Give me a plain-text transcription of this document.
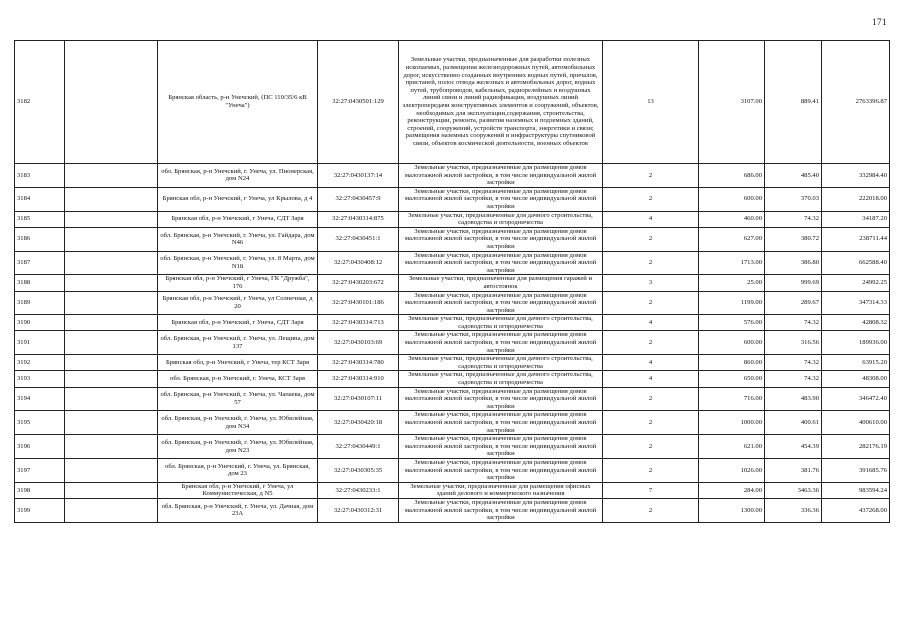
171
3182		Брянская область, р-н Унечский, (ПС 110/35/6 кВ "Унеча")	32:27:0430501:129	Земельные участки, предназначенные для разработки полезных ископаемых, размещения железнодорожных путей, автомобильных дорог, искусственно созданных внутренних водных путей, причалов, пристаней, полос отвода железных и автомобильных дорог, водных путей, трубопроводов, кабельных, радиорелейных и воздушных линий связи и линий радиофикации, воздушных линий электропередачи конструктивных элементов и сооружений, объектов, необходимых для эксплуатации,содержания, строительства, реконструкции, ремонта, развития наземных и подземных зданий, строений, сооружений, устройств транспорта, энергетики и связи; размещения наземных сооружений и инфраструктуры спутниковой связи, объектов космической деятельности, военных объектов	13	3107.00	889.41	2763396.87
3183		обл. Брянская, р-н Унечский, г. Унеча, ул. Пионерская, дом N24	32:27:0430137:14	Земельные участки, предназначенные для размещения домов малоэтажной жилой застройки, в том числе индивидуальной жилой застройки	2	686.00	485.40	332984.40
3184		Брянская обл, р-н Унечский, г Унеча, ул Крылова, д 4	32:27:0430457:9	Земельные участки, предназначенные для размещения домов малоэтажной жилой застройки, в том числе индивидуальной жилой застройки	2	600.00	370.03	222018.00
3185		Брянская обл, р-н Унечский, г Унеча, СДТ Заря	32:27:0430314:875	Земельные участки, предназначенные для дачного строительства, садоводства и огородничества	4	460.00	74.32	34187.20
3186		обл. Брянская, р-н Унечский, г. Унеча, ул. Гайдара, дом N46	32:27:0430451:1	Земельные участки, предназначенные для размещения домов малоэтажной жилой застройки, в том числе индивидуальной жилой застройки	2	627.00	380.72	238711.44
3187		обл. Брянская, р-н Унечский, г. Унеча, ул. 8 Марта, дом N18	32:27:0430408:12	Земельные участки, предназначенные для размещения домов малоэтажной жилой застройки, в том числе индивидуальной жилой застройки	2	1713.00	386.80	662588.40
3188		Брянская обл, р-н Унечский, г Унеча, ГК "Дружба", 176	32:27:0430203:672	Земельные участки, предназначенные для размещения гаражей и автостоянок	3	25.00	999.69	24992.25
3189		Брянская обл, р-н Унечский, г Унеча, ул Солнечная, д 20	32:27:0430101:186	Земельные участки, предназначенные для размещения домов малоэтажной жилой застройки, в том числе индивидуальной жилой застройки	2	1199.00	289.67	347314.33
3190		Брянская обл, р-н Унечский, г Унеча, СДТ Заря	32:27:0430314:713	Земельные участки, предназначенные для дачного строительства, садоводства и огородничества	4	576.00	74.32	42808.32
3191		обл. Брянская, р-н Унечский, г. Унеча, ул. Лещина, дом 137	32:27:0430103:69	Земельные участки, предназначенные для размещения домов малоэтажной жилой застройки, в том числе индивидуальной жилой застройки	2	600.00	316.56	189936.00
3192		Брянская обл, р-н Унечский, г Унеча, тер КСТ Заря	32:27:0430314:780	Земельные участки, предназначенные для дачного строительства, садоводства и огородничества	4	860.00	74.32	63915.20
3193		обл. Брянская, р-н Унечский, г. Унеча, КСТ Заря	32:27:0430314:910	Земельные участки, предназначенные для дачного строительства, садоводства и огородничества	4	650.00	74.32	48308.00
3194		обл. Брянская, р-н Унечский, г. Унеча, ул. Чапаева, дом 57	32:27:0430107:11	Земельные участки, предназначенные для размещения домов малоэтажной жилой застройки, в том числе индивидуальной жилой застройки	2	716.00	483.90	346472.40
3195		обл. Брянская, р-н Унечский, г. Унеча, ул. Юбилейная, дом N34	32:27:0430420:18	Земельные участки, предназначенные для размещения домов малоэтажной жилой застройки, в том числе индивидуальной жилой застройки	2	1000.00	400.61	400610.00
3196		обл. Брянская, р-н Унечский, г. Унеча, ул. Юбилейная, дом N23	32:27:0430449:1	Земельные участки, предназначенные для размещения домов малоэтажной жилой застройки, в том числе индивидуальной жилой застройки	2	621.00	454.39	282176.19
3197		обл. Брянская, р-н Унечский, г. Унеча, ул. Брянская, дом 23	32:27:0430305:35	Земельные участки, предназначенные для размещения домов малоэтажной жилой застройки, в том числе индивидуальной жилой застройки	2	1026.00	381.76	391685.76
3198		Брянская обл, р-н Унечский, г Унеча, ул Коммунистическая, д N5	32:27:0430233:1	Земельные участки, предназначенные для размещения офисных зданий делового и коммерческого назначения	7	284.00	3463.36	983594.24
3199		обл. Брянская, р-н Унечский, г. Унеча, ул. Дачная, дом 23А	32:27:0430312:31	Земельные участки, предназначенные для размещения домов малоэтажной жилой застройки, в том числе индивидуальной жилой застройки	2	1300.00	336.36	437268.00
